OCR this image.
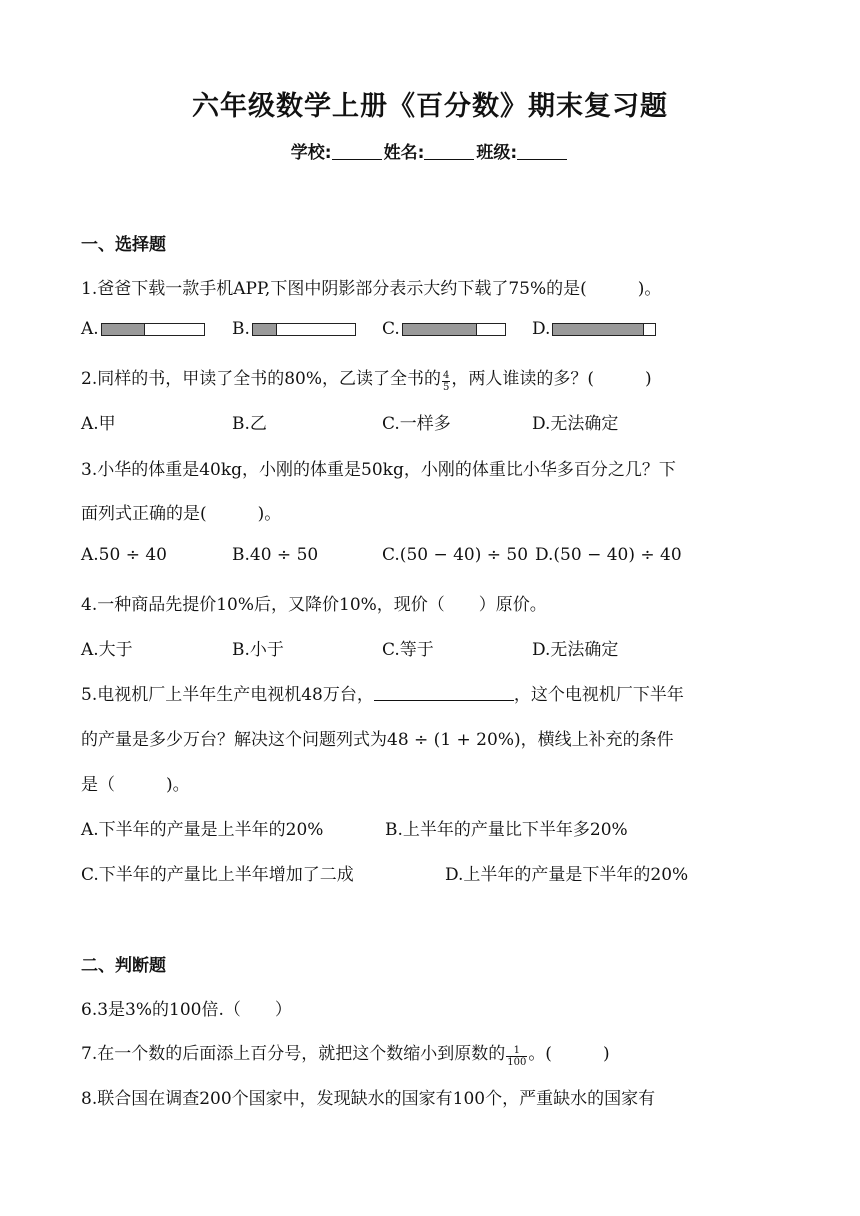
六年级数学上册《百分数》期末复习题
学校:	姓名:	班级:
一、选择题
1.爸爸下载一款手机APP,下图中阴影部分表示大约下载了75%的是(　　　)。
A.	B.	C.	D.
2.同样的书，甲读了全书的80%，乙读了全书的 $\frac{4}{5}$ ，两人谁读的多？(　　　)
A.甲	B.乙	C.一样多	D.无法确定
3.小华的体重是40kg，小刚的体重是50kg，小刚的体重比小华多百分之几？下
面列式正确的是(　　　)。
A.50 ÷ 40	B.40 ÷ 50	C.(50 − 40) ÷ 50 D.(50 − 40) ÷ 40
4.一种商品先提价10%后，又降价10%，现价（　　）原价。
A.大于	B.小于	C.等于	D.无法确定
5.电视机厂上半年生产电视机48万台，	，这个电视机厂下半年
的产量是多少万台？解决这个问题列式为48 ÷ (1 + 20%)，横线上补充的条件
是（　　　)。
A.下半年的产量是上半年的20%	B.上半年的产量比下半年多20%
C.下半年的产量比上半年增加了二成	D.上半年的产量是下半年的20%
二、判断题
6.3是3%的100倍.（　　）
7.在一个数的后面添上百分号，就把这个数缩小到原数的 $\frac{1}{100}$ 。(　　　)
8.联合国在调查200个国家中，发现缺水的国家有100个，严重缺水的国家有
